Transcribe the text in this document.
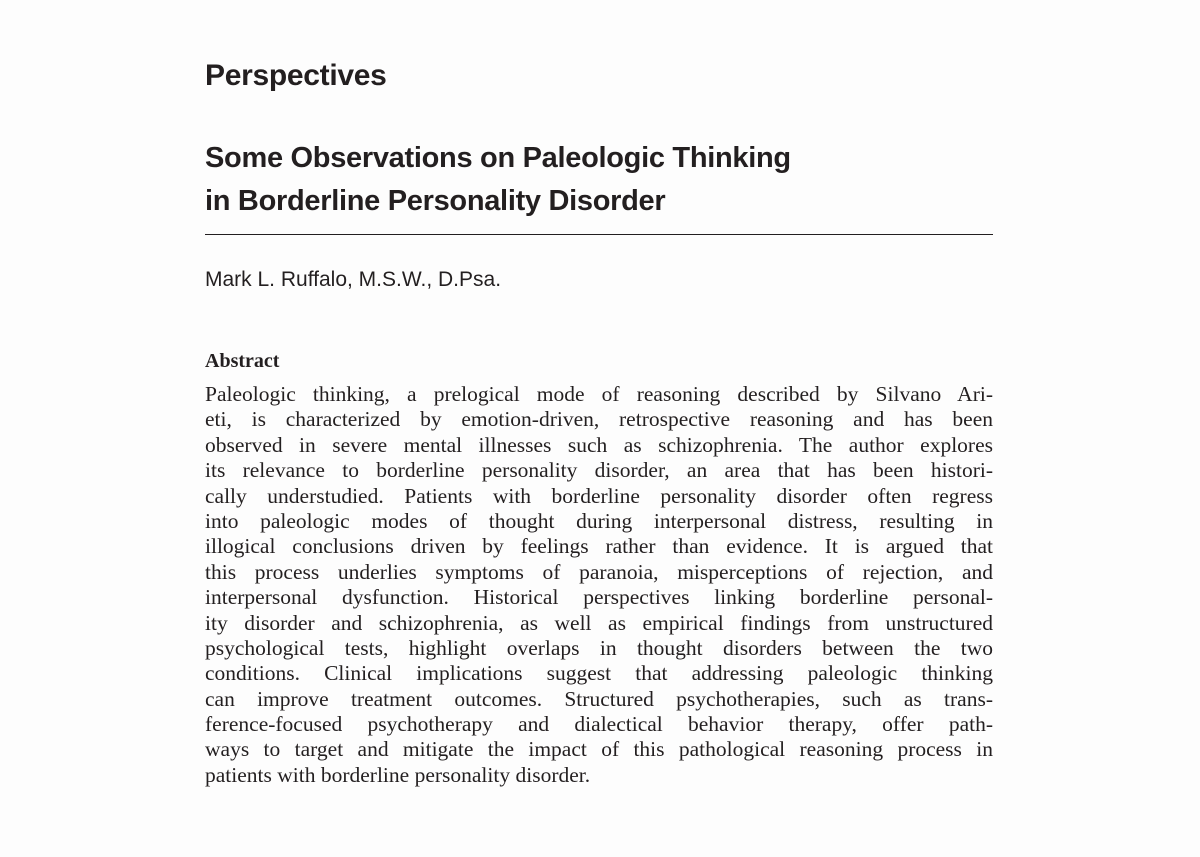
Perspectives
Some Observations on Paleologic Thinking
in Borderline Personality Disorder
Mark L. Ruffalo, M.S.W., D.Psa.
Abstract
Paleologic thinking, a prelogical mode of reasoning described by Silvano Ari-
eti, is characterized by emotion-driven, retrospective reasoning and has been
observed in severe mental illnesses such as schizophrenia. The author explores
its relevance to borderline personality disorder, an area that has been histori-
cally understudied. Patients with borderline personality disorder often regress
into paleologic modes of thought during interpersonal distress, resulting in
illogical conclusions driven by feelings rather than evidence. It is argued that
this process underlies symptoms of paranoia, misperceptions of rejection, and
interpersonal dysfunction. Historical perspectives linking borderline personal-
ity disorder and schizophrenia, as well as empirical findings from unstructured
psychological tests, highlight overlaps in thought disorders between the two
conditions. Clinical implications suggest that addressing paleologic thinking
can improve treatment outcomes. Structured psychotherapies, such as trans-
ference-focused psychotherapy and dialectical behavior therapy, offer path-
ways to target and mitigate the impact of this pathological reasoning process in
patients with borderline personality disorder.
